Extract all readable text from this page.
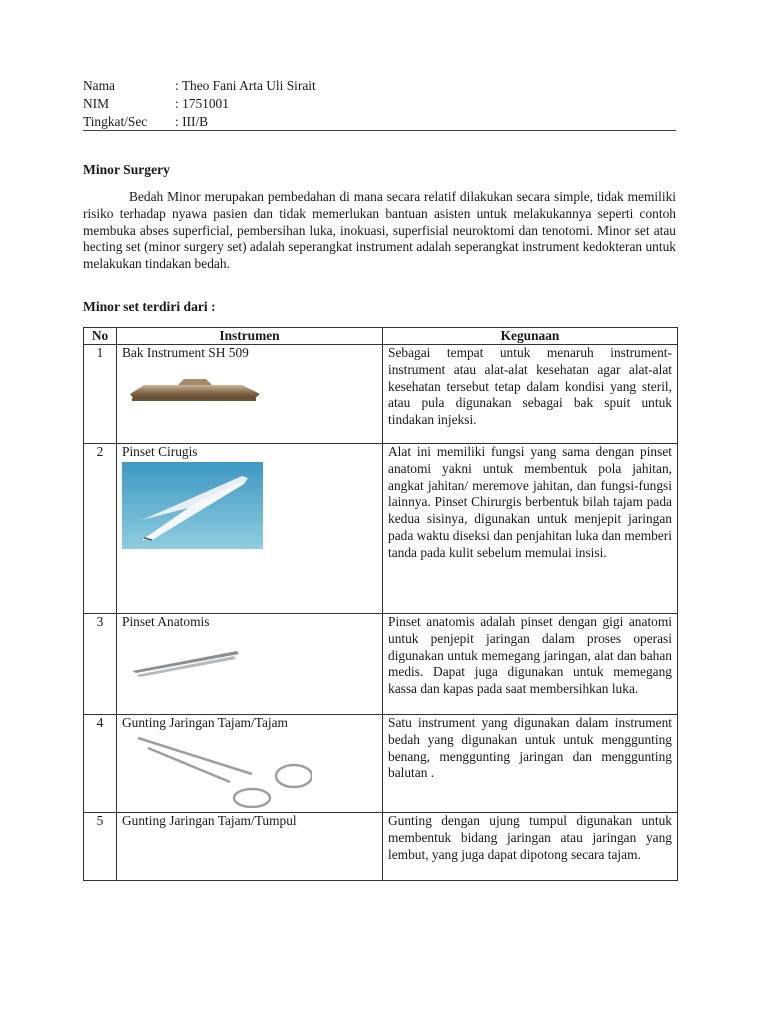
Nama	: Theo Fani Arta Uli Sirait
NIM	: 1751001
Tingkat/Sec	: III/B
Minor Surgery

Bedah Minor merupakan pembedahan di mana secara relatif dilakukan secara simple, tidak memiliki risiko terhadap nyawa pasien dan tidak memerlukan bantuan asisten untuk melakukannya seperti contoh membuka abses superficial, pembersihan luka, inokuasi, superfisial neuroktomi dan tenotomi. Minor set atau hecting set (minor surgery set) adalah seperangkat instrument adalah seperangkat instrument kedokteran untuk melakukan tindakan bedah.

Minor set terdiri dari :
No	Instrumen	Kegunaan
1	Bak Instrument SH 509	Sebagai tempat untuk menaruh instrument-instrument atau alat-alat kesehatan agar alat-alat kesehatan tersebut tetap dalam kondisi yang steril, atau pula digunakan sebagai bak spuit untuk tindakan injeksi.
2	Pinset Cirugis	Alat ini memiliki fungsi yang sama dengan pinset anatomi yakni untuk membentuk pola jahitan, angkat jahitan/ meremove jahitan, dan fungsi-fungsi lainnya. Pinset Chirurgis berbentuk bilah tajam pada kedua sisinya, digunakan untuk menjepit jaringan pada waktu diseksi dan penjahitan luka dan memberi tanda pada kulit sebelum memulai insisi.
3	Pinset Anatomis	Pinset anatomis adalah pinset dengan gigi anatomi untuk penjepit jaringan dalam proses operasi digunakan untuk memegang jaringan, alat dan bahan medis. Dapat juga digunakan untuk memegang kassa dan kapas pada saat membersihkan luka.
4	Gunting Jaringan Tajam/Tajam	Satu instrument yang digunakan dalam instrument bedah yang digunakan untuk untuk menggunting benang, menggunting jaringan dan menggunting balutan .
5	Gunting Jaringan Tajam/Tumpul	Gunting dengan ujung tumpul digunakan untuk membentuk bidang jaringan atau jaringan yang lembut, yang juga dapat dipotong secara tajam.
